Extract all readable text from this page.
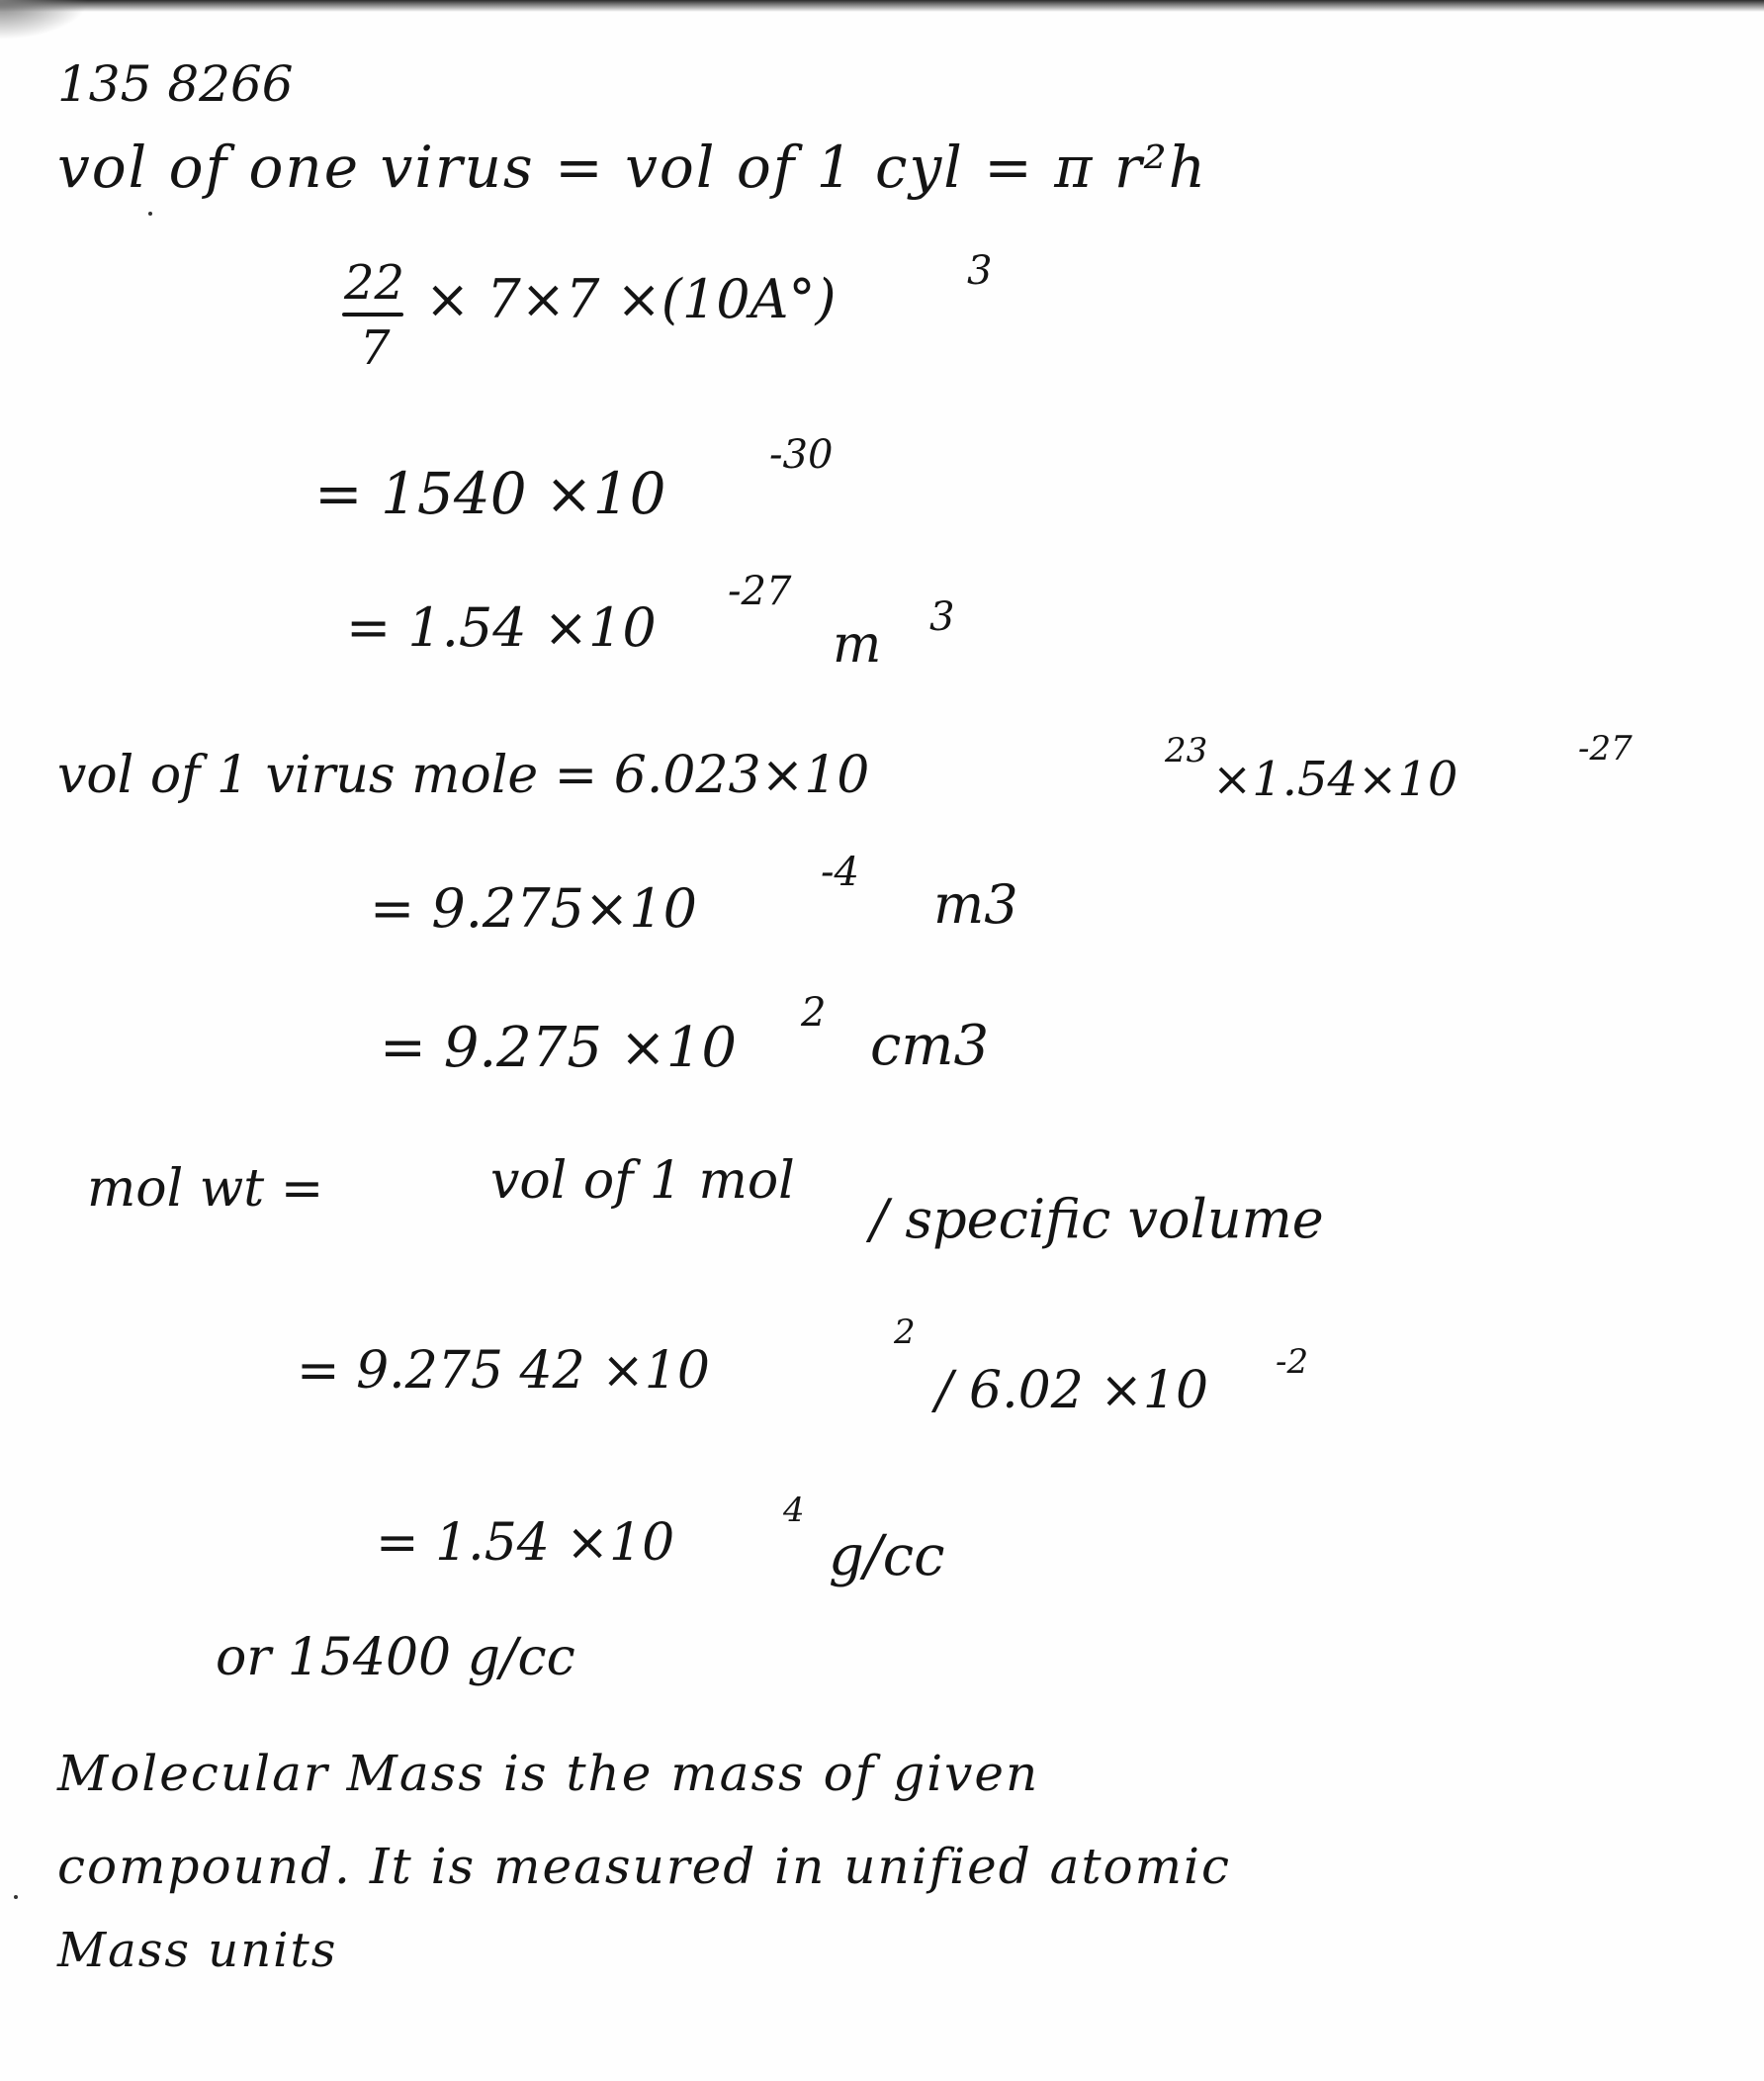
135 8266
vol of one virus = vol of 1 cyl = π r²h
22
7
× 7×7 ×(10A°)	3
= 1540 ×10
-30
= 1.54 ×10
-27
m 3
vol of 1 virus mole = 6.023×10	23
×1.54×10
-27
= 9.275×10
-4
m3
= 9.275 ×10
2
cm3
mol wt =	vol of 1 mol
/ specific volume
= 9.275 42 ×10
2
/ 6.02 ×10 -2
= 1.54 ×10
4
g/cc
or 15400 g/cc
Molecular Mass is the mass of given
compound. It is measured in unified atomic
Mass units
